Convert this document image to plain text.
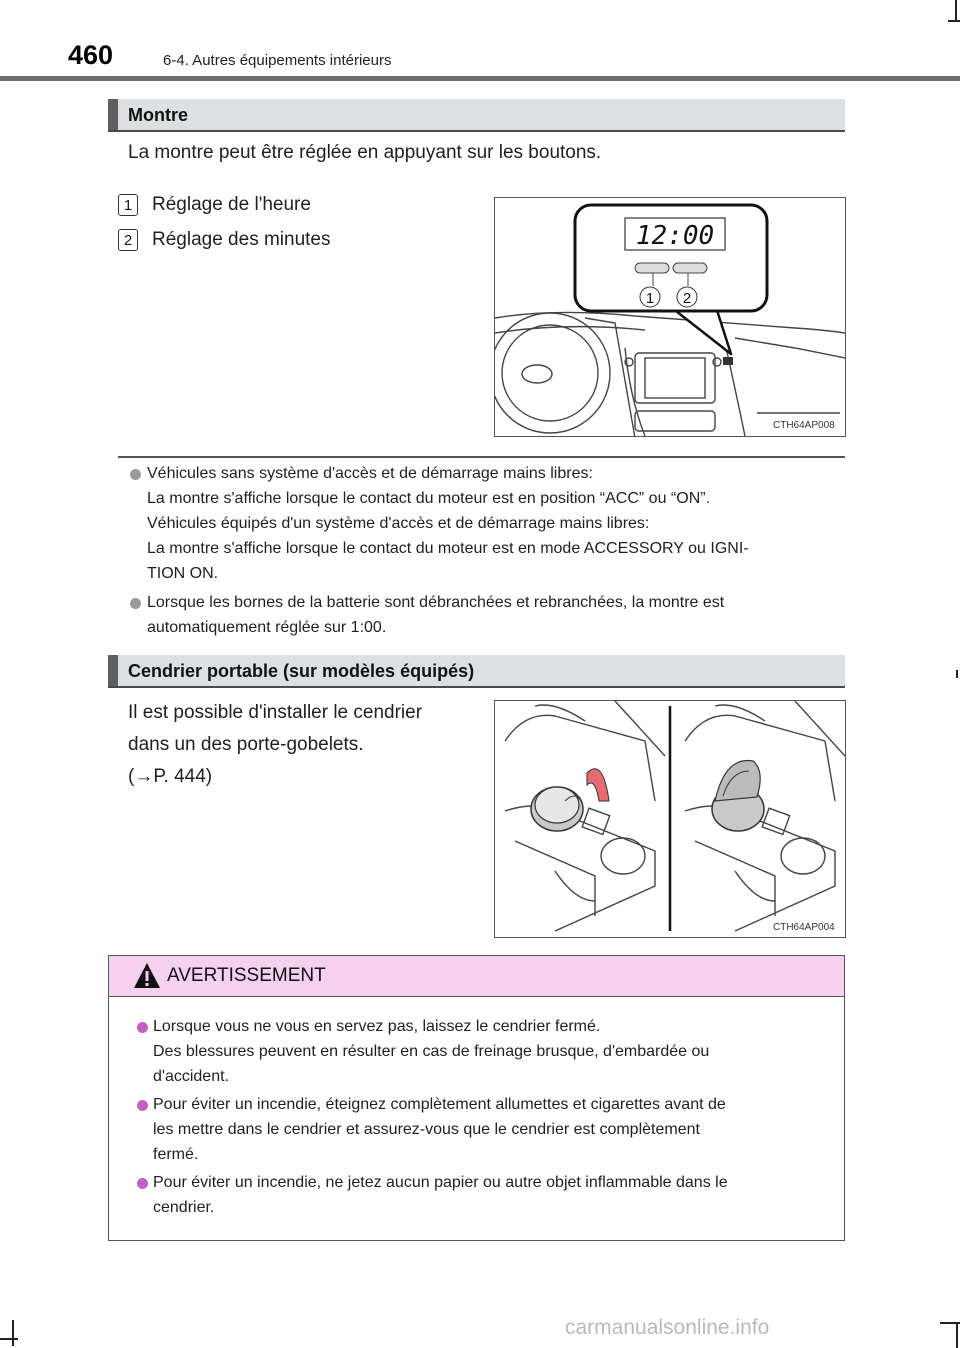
460	6-4. Autres équipements intérieurs
Montre
La montre peut être réglée en appuyant sur les boutons.
1	Réglage de l'heure
2	Réglage des minutes	12:00
1 2
CTH64AP008
Véhicules sans système d'accès et de démarrage mains libres:
La montre s'affiche lorsque le contact du moteur est en position “ACC” ou “ON”.
Véhicules équipés d'un système d'accès et de démarrage mains libres:
La montre s'affiche lorsque le contact du moteur est en mode ACCESSORY ou IGNI-
TION ON.
Lorsque les bornes de la batterie sont débranchées et rebranchées, la montre est
automatiquement réglée sur 1:00.
Cendrier portable (sur modèles équipés)
Il est possible d'installer le cendrier
dans un des porte-gobelets.
(→P. 444)
CTH64AP004
AVERTISSEMENT
Lorsque vous ne vous en servez pas, laissez le cendrier fermé.
Des blessures peuvent en résulter en cas de freinage brusque, d'embardée ou
d'accident.
Pour éviter un incendie, éteignez complètement allumettes et cigarettes avant de
les mettre dans le cendrier et assurez-vous que le cendrier est complètement
fermé.
Pour éviter un incendie, ne jetez aucun papier ou autre objet inflammable dans le
cendrier.
carmanualsonline.info
